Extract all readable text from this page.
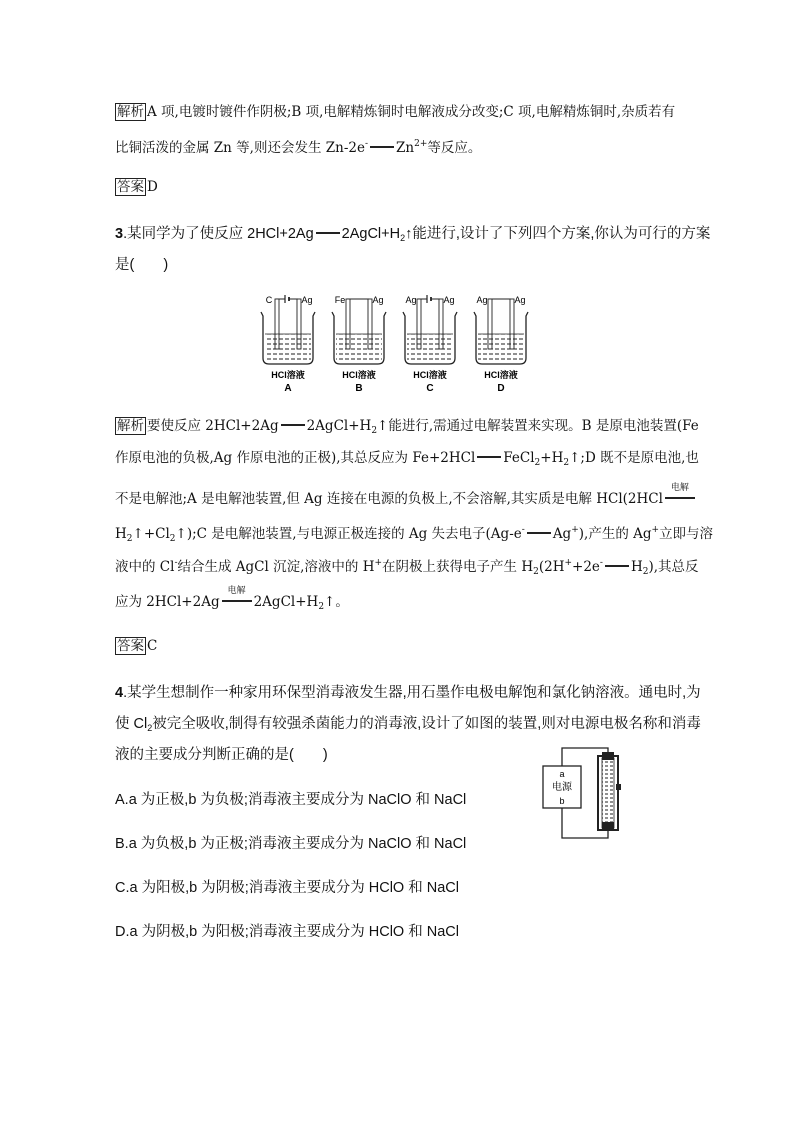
解析 A 项,电镀时镀件作阴极;B 项,电解精炼铜时电解液成分改变;C 项,电解精炼铜时,杂质若有
比铜活泼的金属 Zn 等,则还会发生 Zn-2e- $Zn^{2+}$等反应。
答案 D
3.某同学为了使反应 2HCl+2Ag $2AgCl+H_2↑$能进行,设计了下列四个方案,你认为可行的方案
是(　　)
C	Ag
HCl溶液
A
Fe	Ag
HCl溶液
B
Ag	Ag
HCl溶液
C
Ag	Ag
HCl溶液
D
解析 要使反应 2HCl+2Ag $2AgCl+H_2↑$能进行,需通过电解装置来实现。B 是原电池装置(Fe
作原电池的负极,Ag 作原电池的正极),其总反应为 Fe+2HCl $FeCl_2+H_2↑;D$ 既不是原电池,也
不是电解池;A 是电解池装置,但 Ag 连接在电源的负极上,不会溶解,其实质是电解 HCl(2HCl
电解
$H_2↑+Cl_2↑);C$ 是电解池装置,与电源正极连接的 Ag 失去电子(Ag-e- Ag+),产生的 Ag+立即与溶
液中的 Cl-结合生成 AgCl 沉淀,溶液中的 H+在阴极上获得电子产生 $H_2(2H^++2e^-$ $H_2$),其总反
应为 2HCl+2Ag
电解
$2AgCl+H_2↑$。
答案 C
4.某学生想制作一种家用环保型消毒液发生器,用石墨作电极电解饱和氯化钠溶液。通电时,为
使 $Cl_2$被完全吸收,制得有较强杀菌能力的消毒液,设计了如图的装置,则对电源电极名称和消毒
液的主要成分判断正确的是(　　)
a
电源
b
A.a 为正极,b 为负极;消毒液主要成分为 NaClO 和 NaCl
B.a 为负极,b 为正极;消毒液主要成分为 NaClO 和 NaCl
C.a 为阳极,b 为阴极;消毒液主要成分为 HClO 和 NaCl
D.a 为阴极,b 为阳极;消毒液主要成分为 HClO 和 NaCl
